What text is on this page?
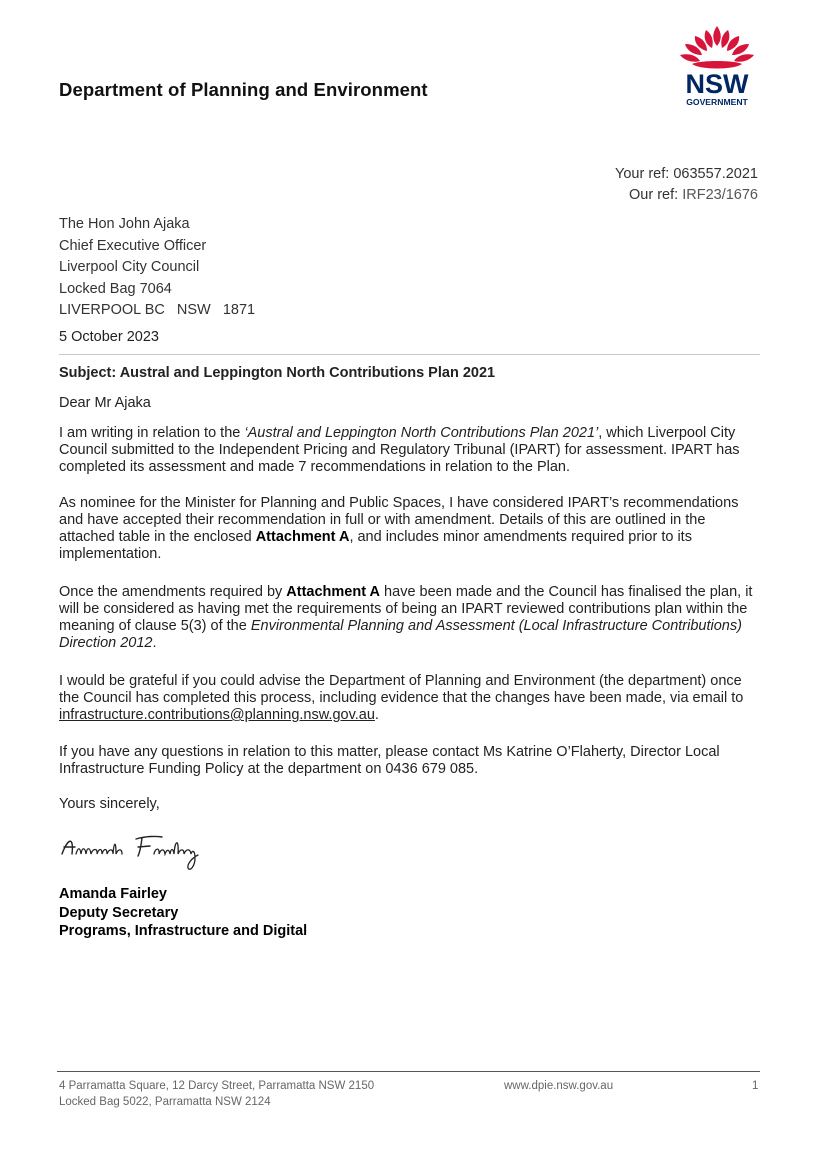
Department of Planning and Environment	NSW
GOVERNMENT
Your ref: 063557.2021
Our ref: IRF23/1676
The Hon John Ajaka
Chief Executive Officer
Liverpool City Council
Locked Bag 7064
LIVERPOOL BC   NSW   1871
5 October 2023
Subject: Austral and Leppington North Contributions Plan 2021
Dear Mr Ajaka
I am writing in relation to the ‘Austral and Leppington North Contributions Plan 2021’, which Liverpool City Council submitted to the Independent Pricing and Regulatory Tribunal (IPART) for assessment. IPART has completed its assessment and made 7 recommendations in relation to the Plan.
As nominee for the Minister for Planning and Public Spaces, I have considered IPART’s recommendations and have accepted their recommendation in full or with amendment. Details of this are outlined in the attached table in the enclosed Attachment A, and includes minor amendments required prior to its implementation.
Once the amendments required by Attachment A have been made and the Council has finalised the plan, it will be considered as having met the requirements of being an IPART reviewed contributions plan within the meaning of clause 5(3) of the Environmental Planning and Assessment (Local Infrastructure Contributions) Direction 2012.
I would be grateful if you could advise the Department of Planning and Environment (the department) once the Council has completed this process, including evidence that the changes have been made, via email to infrastructure.contributions@planning.nsw.gov.au.
If you have any questions in relation to this matter, please contact Ms Katrine O’Flaherty, Director Local Infrastructure Funding Policy at the department on 0436 679 085.
Yours sincerely,
Amanda Fairley
Deputy Secretary
Programs, Infrastructure and Digital
4 Parramatta Square, 12 Darcy Street, Parramatta NSW 2150
Locked Bag 5022, Parramatta NSW 2124
www.dpie.nsw.gov.au	1
